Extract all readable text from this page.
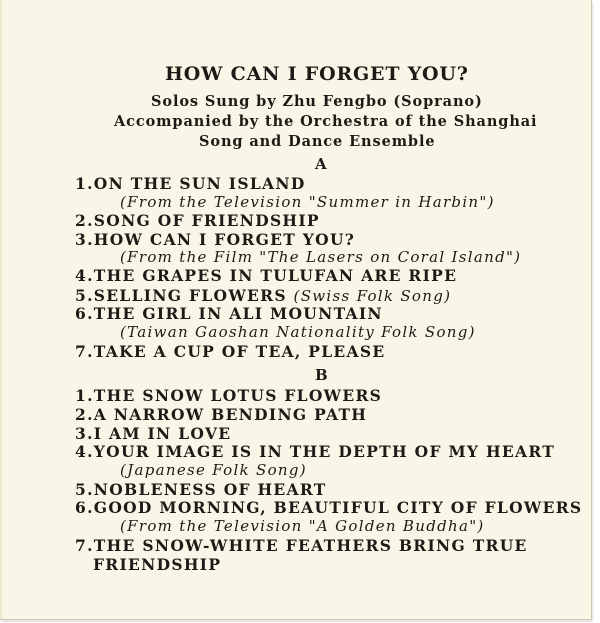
HOW CAN I FORGET YOU?
Solos Sung by Zhu Fengbo (Soprano)
Accompanied by the Orchestra of the Shanghai
Song and Dance Ensemble
A
1.ON THE SUN ISLAND
(From the Television "Summer in Harbin")
2.SONG OF FRIENDSHIP
3.HOW CAN I FORGET YOU?
(From the Film "The Lasers on Coral Island")
4.THE GRAPES IN TULUFAN ARE RIPE
5.SELLING FLOWERS (Swiss Folk Song)
6.THE GIRL IN ALI MOUNTAIN
(Taiwan Gaoshan Nationality Folk Song)
7.TAKE A CUP OF TEA, PLEASE
B
1.THE SNOW LOTUS FLOWERS
2.A NARROW BENDING PATH
3.I AM IN LOVE
4.YOUR IMAGE IS IN THE DEPTH OF MY HEART
(Japanese Folk Song)
5.NOBLENESS OF HEART
6.GOOD MORNING, BEAUTIFUL CITY OF FLOWERS
(From the Television "A Golden Buddha")
7.THE SNOW-WHITE FEATHERS BRING TRUE
FRIENDSHIP
